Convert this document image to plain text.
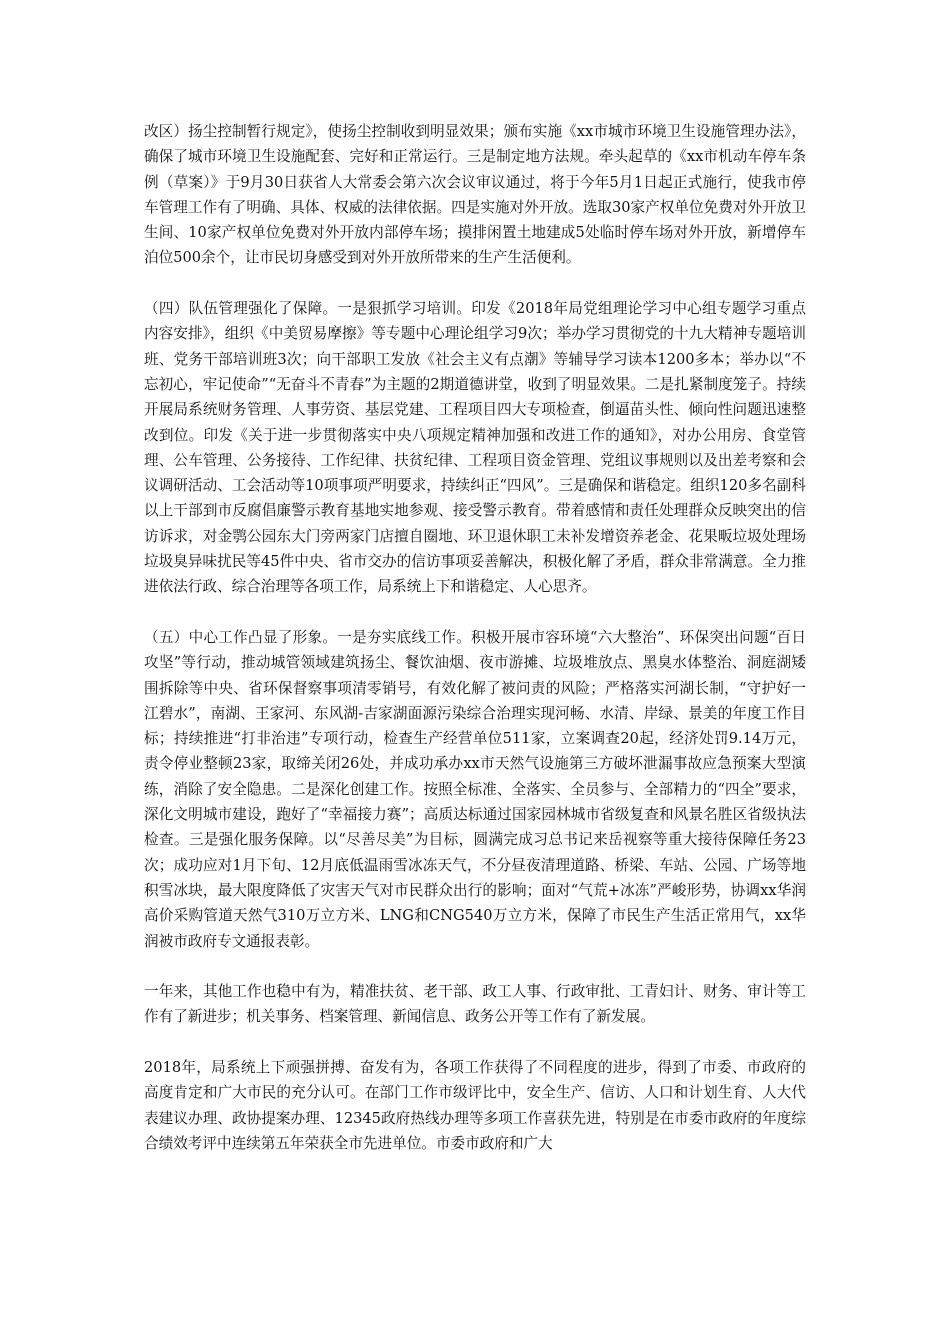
改区）扬尘控制暂行规定》，使扬尘控制收到明显效果；颁布实施《xx市城市环境卫生设施管理办法》，确保了城市环境卫生设施配套、完好和正常运行。三是制定地方法规。牵头起草的《xx市机动车停车条例（草案）》于9月30日获省人大常委会第六次会议审议通过，将于今年5月1日起正式施行，使我市停车管理工作有了明确、具体、权威的法律依据。四是实施对外开放。选取30家产权单位免费对外开放卫生间、10家产权单位免费对外开放内部停车场；摸排闲置土地建成5处临时停车场对外开放，新增停车泊位500余个，让市民切身感受到对外开放所带来的生产生活便利。

（四）队伍管理强化了保障。一是狠抓学习培训。印发《2018年局党组理论学习中心组专题学习重点内容安排》，组织《中美贸易摩擦》等专题中心理论组学习9次；举办学习贯彻党的十九大精神专题培训班、党务干部培训班3次；向干部职工发放《社会主义有点潮》等辅导学习读本1200多本；举办以“不忘初心，牢记使命”“无奋斗不青春”为主题的2期道德讲堂，收到了明显效果。二是扎紧制度笼子。持续开展局系统财务管理、人事劳资、基层党建、工程项目四大专项检查，倒逼苗头性、倾向性问题迅速整改到位。印发《关于进一步贯彻落实中央八项规定精神加强和改进工作的通知》，对办公用房、食堂管理、公车管理、公务接待、工作纪律、扶贫纪律、工程项目资金管理、党组议事规则以及出差考察和会议调研活动、工会活动等10项事项严明要求，持续纠正“四风”。三是确保和谐稳定。组织120多名副科以上干部到市反腐倡廉警示教育基地实地参观、接受警示教育。带着感情和责任处理群众反映突出的信访诉求，对金鹗公园东大门旁两家门店擅自圈地、环卫退休职工未补发增资养老金、花果畈垃圾处理场垃圾臭异味扰民等45件中央、省市交办的信访事项妥善解决，积极化解了矛盾，群众非常满意。全力推进依法行政、综合治理等各项工作，局系统上下和谐稳定、人心思齐。

（五）中心工作凸显了形象。一是夯实底线工作。积极开展市容环境“六大整治”、环保突出问题“百日攻坚”等行动，推动城管领域建筑扬尘、餐饮油烟、夜市游摊、垃圾堆放点、黑臭水体整治、洞庭湖矮围拆除等中央、省环保督察事项清零销号，有效化解了被问责的风险；严格落实河湖长制，“守护好一江碧水”，南湖、王家河、东风湖-吉家湖面源污染综合治理实现河畅、水清、岸绿、景美的年度工作目标；持续推进“打非治违”专项行动，检查生产经营单位511家，立案调查20起，经济处罚9.14万元，责令停业整顿23家，取缔关闭26处，并成功承办xx市天然气设施第三方破坏泄漏事故应急预案大型演练，消除了安全隐患。二是深化创建工作。按照全标准、全落实、全员参与、全部精力的“四全”要求，深化文明城市建设，跑好了“幸福接力赛”；高质达标通过国家园林城市省级复查和风景名胜区省级执法检查。三是强化服务保障。以“尽善尽美”为目标，圆满完成习总书记来岳视察等重大接待保障任务23次；成功应对1月下旬、12月底低温雨雪冰冻天气，不分昼夜清理道路、桥梁、车站、公园、广场等地积雪冰块，最大限度降低了灾害天气对市民群众出行的影响；面对“气荒+冰冻”严峻形势，协调xx华润高价采购管道天然气310万立方米、LNG和CNG540万立方米，保障了市民生产生活正常用气，xx华润被市政府专文通报表彰。

一年来，其他工作也稳中有为，精准扶贫、老干部、政工人事、行政审批、工青妇计、财务、审计等工作有了新进步；机关事务、档案管理、新闻信息、政务公开等工作有了新发展。

2018年，局系统上下顽强拼搏、奋发有为，各项工作获得了不同程度的进步，得到了市委、市政府的高度肯定和广大市民的充分认可。在部门工作市级评比中，安全生产、信访、人口和计划生育、人大代表建议办理、政协提案办理、12345政府热线办理等多项工作喜获先进，特别是在市委市政府的年度综合绩效考评中连续第五年荣获全市先进单位。市委市政府和广大
